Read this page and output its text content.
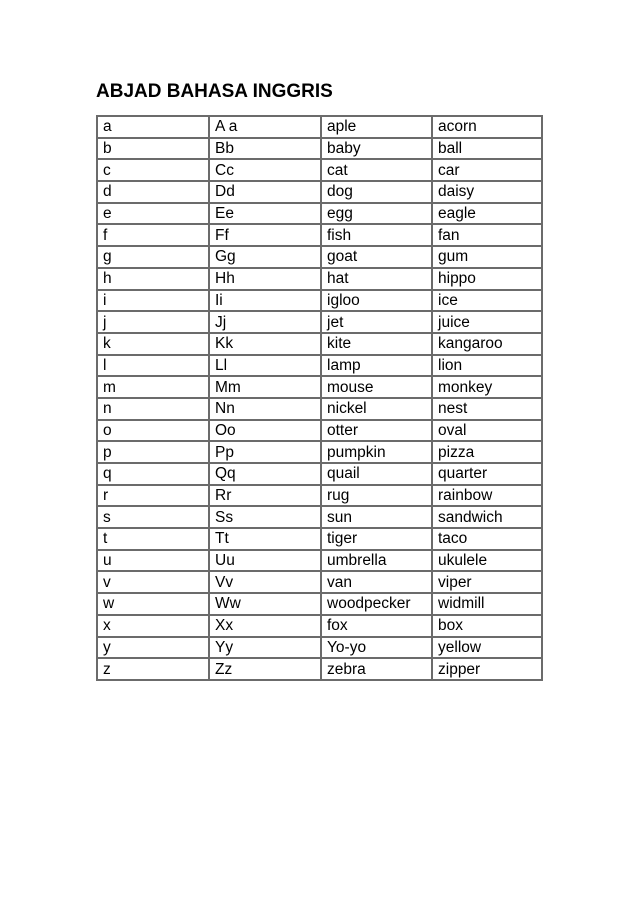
ABJAD BAHASA INGGRIS
a	A a	aple	acorn
b	Bb	baby	ball
c	Cc	cat	car
d	Dd	dog	daisy
e	Ee	egg	eagle
f	Ff	fish	fan
g	Gg	goat	gum
h	Hh	hat	hippo
i	Ii	igloo	ice
j	Jj	jet	juice
k	Kk	kite	kangaroo
l	Ll	lamp	lion
m	Mm	mouse	monkey
n	Nn	nickel	nest
o	Oo	otter	oval
p	Pp	pumpkin	pizza
q	Qq	quail	quarter
r	Rr	rug	rainbow
s	Ss	sun	sandwich
t	Tt	tiger	taco
u	Uu	umbrella	ukulele
v	Vv	van	viper
w	Ww	woodpecker	widmill
x	Xx	fox	box
y	Yy	Yo-yo	yellow
z	Zz	zebra	zipper
